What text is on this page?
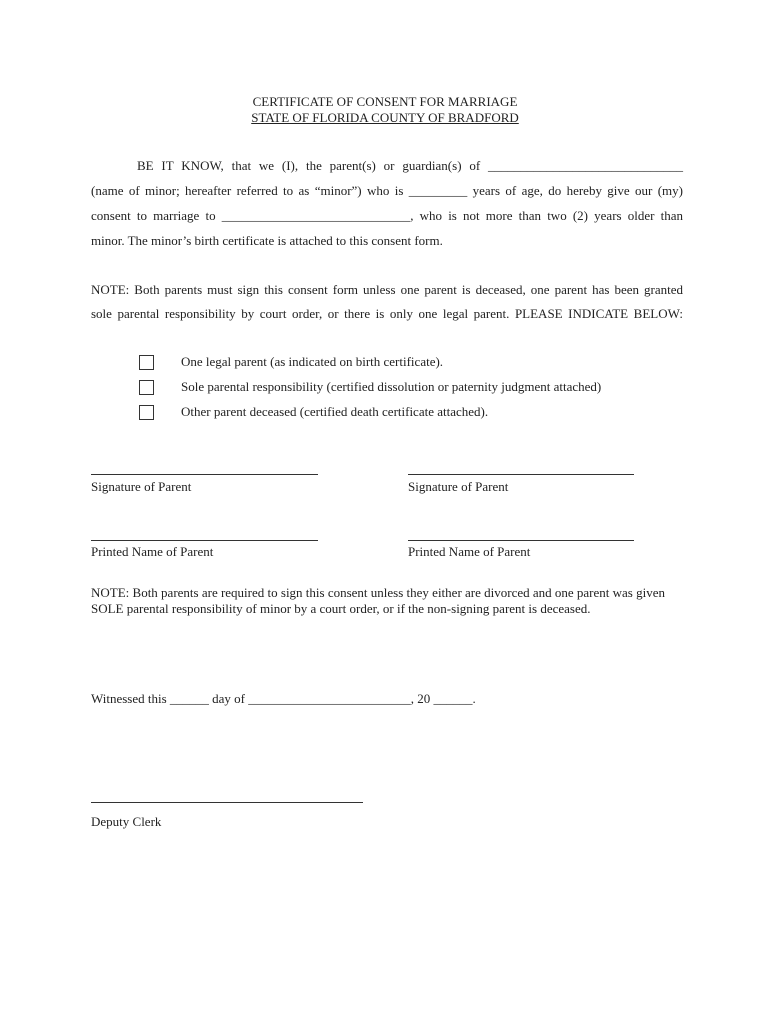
CERTIFICATE OF CONSENT FOR MARRIAGE
STATE OF FLORIDA COUNTY OF BRADFORD
BE IT KNOW, that we (I), the parent(s) or guardian(s) of ______________________________
(name of minor; hereafter referred to as “minor”) who is _________ years of age, do hereby give our (my)
consent to marriage to _____________________________, who is not more than two (2) years older than
minor. The minor’s birth certificate is attached to this consent form.
NOTE: Both parents must sign this consent form unless one parent is deceased, one parent has been granted
sole parental responsibility by court order, or there is only one legal parent. PLEASE INDICATE BELOW:
One legal parent (as indicated on birth certificate).
Sole parental responsibility (certified dissolution or paternity judgment attached)
Other parent deceased (certified death certificate attached).
Signature of Parent	Signature of Parent
Printed Name of Parent	Printed Name of Parent
NOTE: Both parents are required to sign this consent unless they either are divorced and one parent was given SOLE parental responsibility of minor by a court order, or if the non-signing parent is deceased.
Witnessed this ______ day of _________________________, 20 ______.
Deputy Clerk
